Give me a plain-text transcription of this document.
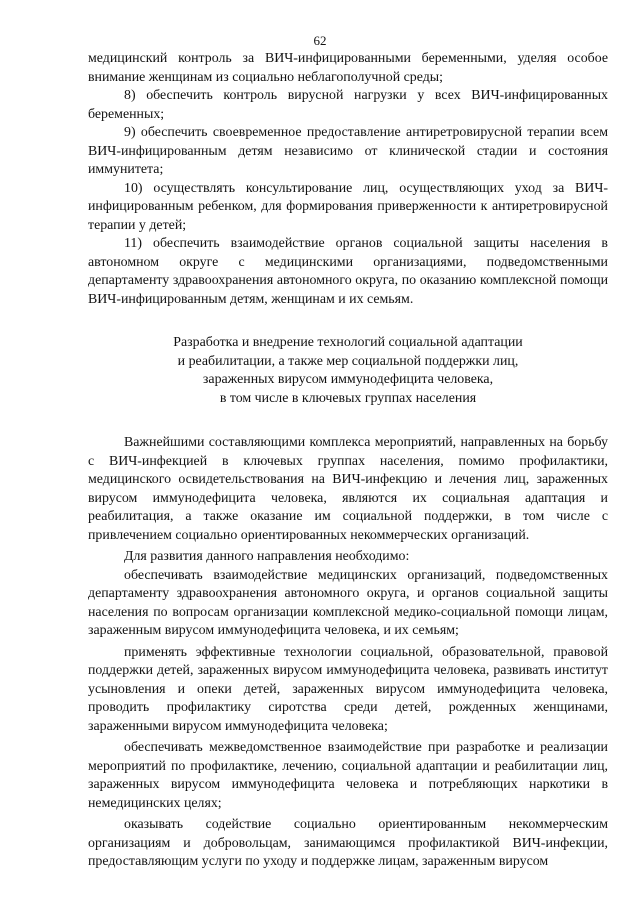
62

медицинский контроль за ВИЧ-инфицированными беременными, уделяя особое внимание женщинам из социально неблагополучной среды;

8) обеспечить контроль вирусной нагрузки у всех ВИЧ-инфицированных беременных;

9) обеспечить своевременное предоставление антиретровирусной терапии всем ВИЧ-инфицированным детям независимо от клинической стадии и состояния иммунитета;

10) осуществлять консультирование лиц, осуществляющих уход за ВИЧ-инфицированным ребенком, для формирования приверженности к антиретровирусной терапии у детей;

11) обеспечить взаимодействие органов социальной защиты населения в автономном округе с медицинскими организациями, подведомственными департаменту здравоохранения автономного округа, по оказанию комплексной помощи ВИЧ-инфицированным детям, женщинам и их семьям.

Разработка и внедрение технологий социальной адаптации
и реабилитации, а также мер социальной поддержки лиц,
зараженных вирусом иммунодефицита человека,
в том числе в ключевых группах населения

Важнейшими составляющими комплекса мероприятий, направленных на борьбу с ВИЧ-инфекцией в ключевых группах населения, помимо профилактики, медицинского освидетельствования на ВИЧ-инфекцию и лечения лиц, зараженных вирусом иммунодефицита человека, являются их социальная адаптация и реабилитация, а также оказание им социальной поддержки, в том числе с привлечением социально ориентированных некоммерческих организаций.

Для развития данного направления необходимо:

обеспечивать взаимодействие медицинских организаций, подведомственных департаменту здравоохранения автономного округа, и органов социальной защиты населения по вопросам организации комплексной медико-социальной помощи лицам, зараженным вирусом иммунодефицита человека, и их семьям;

применять эффективные технологии социальной, образовательной, правовой поддержки детей, зараженных вирусом иммунодефицита человека, развивать институт усыновления и опеки детей, зараженных вирусом иммунодефицита человека, проводить профилактику сиротства среди детей, рожденных женщинами, зараженными вирусом иммунодефицита человека;

обеспечивать межведомственное взаимодействие при разработке и реализации мероприятий по профилактике, лечению, социальной адаптации и реабилитации лиц, зараженных вирусом иммунодефицита человека и потребляющих наркотики в немедицинских целях;

оказывать содействие социально ориентированным некоммерческим организациям и добровольцам, занимающимся профилактикой ВИЧ-инфекции, предоставляющим услуги по уходу и поддержке лицам, зараженным вирусом
